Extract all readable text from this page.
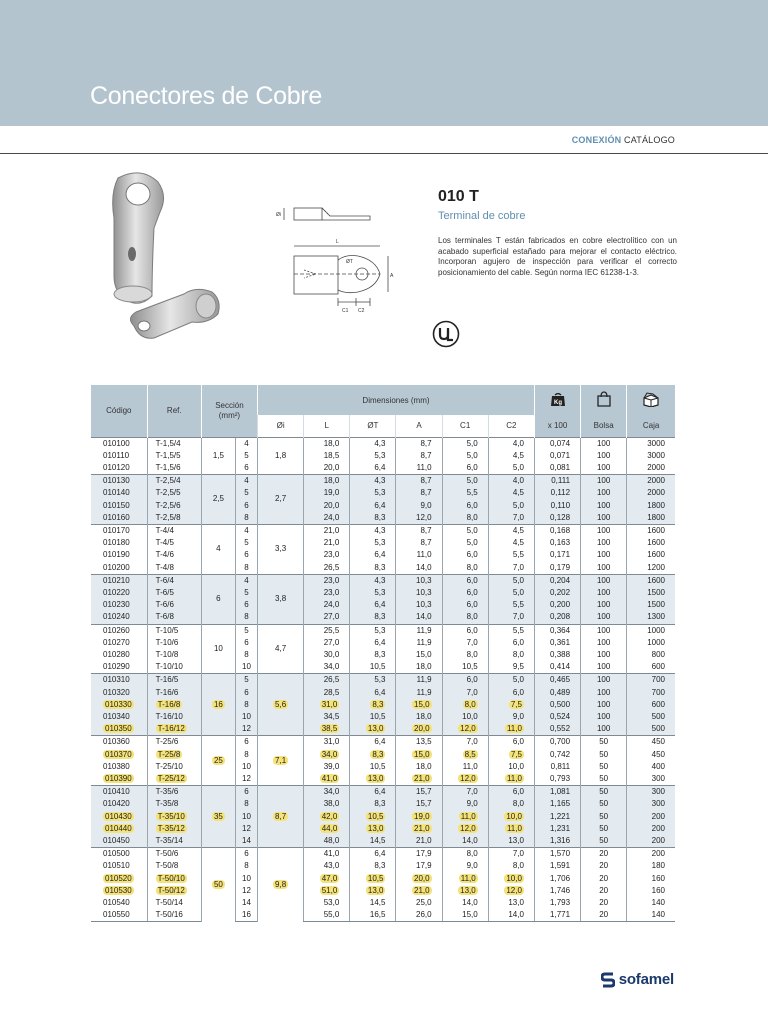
Conectores de Cobre
CONEXIÓN CATÁLOGO
Øi
L
ØT
A
C1 C2
010 T
Terminal de cobre

Los terminales T están fabricados en cobre electrolítico con un acabado superficial estañado para mejorar el contacto eléctrico. Incorporan agujero de inspección para verificar el correcto posicionamiento del cable. Según norma IEC 61238-1-3.

Código	Ref.	Sección (mm²)		Dimensiones (mm)						Kg

				Øi	L	ØT	A	C1	C2	x 100	Bolsa	Caja
010100	T-1,5/4	1,5	4	1,8	18,0	4,3	8,7	5,0	4,0	0,074	100	3000
010110	T-1,5/5		5		18,5	5,3	8,7	5,0	4,5	0,071	100	3000
010120	T-1,5/6		6		20,0	6,4	11,0	6,0	5,0	0,081	100	2000
010130	T-2,5/4	2,5	4	2,7	18,0	4,3	8,7	5,0	4,0	0,111	100	2000
010140	T-2,5/5		5		19,0	5,3	8,7	5,5	4,5	0,112	100	2000
010150	T-2,5/6		6		20,0	6,4	9,0	6,0	5,0	0,110	100	1800
010160	T-2,5/8		8		24,0	8,3	12,0	8,0	7,0	0,128	100	1800
010170	T-4/4	4	4	3,3	21,0	4,3	8,7	5,0	4,5	0,168	100	1600
010180	T-4/5		5		21,0	5,3	8,7	5,0	4,5	0,163	100	1600
010190	T-4/6		6		23,0	6,4	11,0	6,0	5,5	0,171	100	1600
010200	T-4/8		8		26,5	8,3	14,0	8,0	7,0	0,179	100	1200
010210	T-6/4	6	4	3,8	23,0	4,3	10,3	6,0	5,0	0,204	100	1600
010220	T-6/5		5		23,0	5,3	10,3	6,0	5,0	0,202	100	1500
010230	T-6/6		6		24,0	6,4	10,3	6,0	5,5	0,200	100	1500
010240	T-6/8		8		27,0	8,3	14,0	8,0	7,0	0,208	100	1300
010260	T-10/5	10	5	4,7	25,5	5,3	11,9	6,0	5,5	0,364	100	1000
010270	T-10/6		6		27,0	6,4	11,9	7,0	6,0	0,361	100	1000
010280	T-10/8		8		30,0	8,3	15,0	8,0	8,0	0,388	100	800
010290	T-10/10		10		34,0	10,5	18,0	10,5	9,5	0,414	100	600
010310	T-16/5	16	5	5,6	26,5	5,3	11,9	6,0	5,0	0,465	100	700
010320	T-16/6		6		28,5	6,4	11,9	7,0	6,0	0,489	100	700
010330	T-16/8		8		31,0	8,3	15,0	8,0	7,5	0,500	100	600
010340	T-16/10		10		34,5	10,5	18,0	10,0	9,0	0,524	100	500
010350	T-16/12		12		38,5	13,0	20,0	12,0	11,0	0,552	100	500
010360	T-25/6	25	6	7,1	31,0	6,4	13,5	7,0	6,0	0,700	50	450
010370	T-25/8		8		34,0	8,3	15,0	8,5	7,5	0,742	50	450
010380	T-25/10		10		39,0	10,5	18,0	11,0	10,0	0,811	50	400
010390	T-25/12		12		41,0	13,0	21,0	12,0	11,0	0,793	50	300
010410	T-35/6	35	6	8,7	34,0	6,4	15,7	7,0	6,0	1,081	50	300
010420	T-35/8		8		38,0	8,3	15,7	9,0	8,0	1,165	50	300
010430	T-35/10		10		42,0	10,5	19,0	11,0	10,0	1,221	50	200
010440	T-35/12		12		44,0	13,0	21,0	12,0	11,0	1,231	50	200
010450	T-35/14		14		48,0	14,5	21,0	14,0	13,0	1,316	50	200
010500	T-50/6	50	6	9,8	41,0	6,4	17,9	8,0	7,0	1,570	20	200
010510	T-50/8		8		43,0	8,3	17,9	9,0	8,0	1,591	20	180
010520	T-50/10		10		47,0	10,5	20,0	11,0	10,0	1,706	20	160
010530	T-50/12		12		51,0	13,0	21,0	13,0	12,0	1,746	20	160
010540	T-50/14		14		53,0	14,5	25,0	14,0	13,0	1,793	20	140
010550	T-50/16		16		55,0	16,5	26,0	15,0	14,0	1,771	20	140
sofamel
